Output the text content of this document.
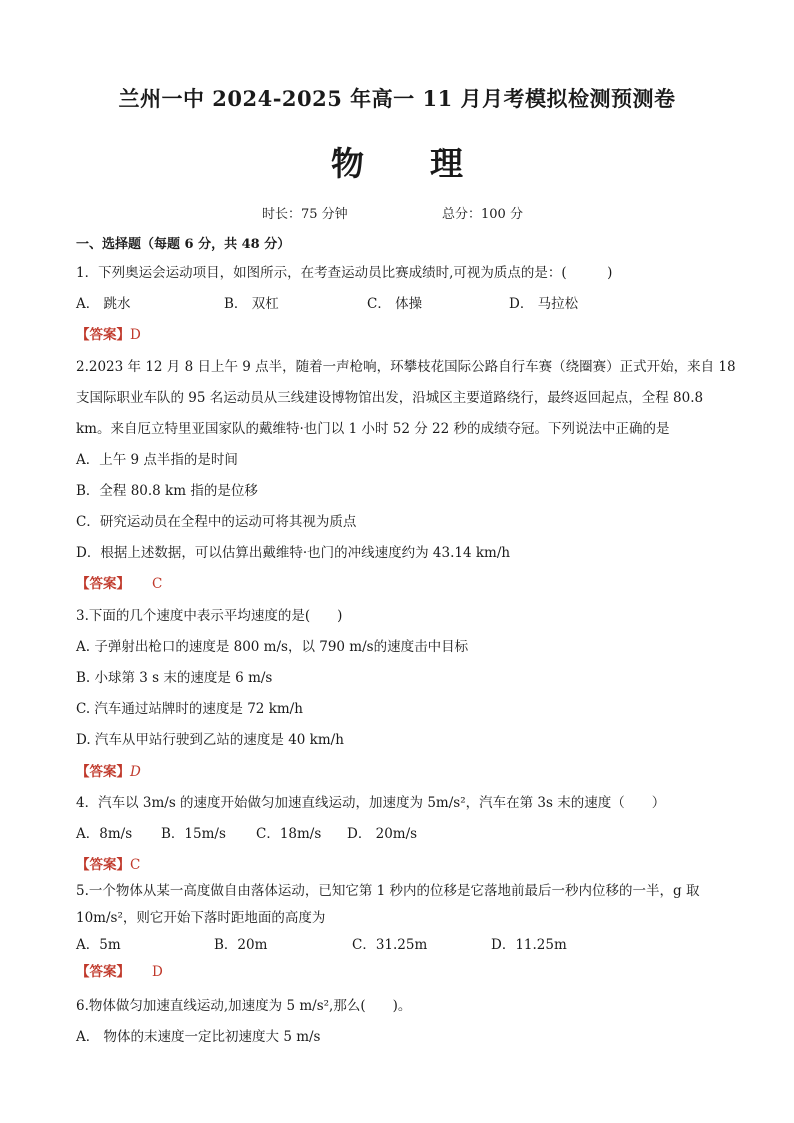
兰州一中 2024-2025 年高一 11 月月考模拟检测预测卷
物　　理
时长：75 分钟	总分：100 分
一、选择题（每题 6 分，共 48 分）
1．下列奥运会运动项目，如图所示，在考查运动员比赛成绩时,可视为质点的是：(　　　)
A． 跳水	B． 双杠	C． 体操	D． 马拉松
【答案】D
2.2023 年 12 月 8 日上午 9 点半，随着一声枪响，环攀枝花国际公路自行车赛（绕圈赛）正式开始，来自 18
支国际职业车队的 95 名运动员从三线建设博物馆出发，沿城区主要道路绕行，最终返回起点，全程 80.8
km。来自厄立特里亚国家队的戴维特·也门以 1 小时 52 分 22 秒的成绩夺冠。下列说法中正确的是
A．上午 9 点半指的是时间
B．全程 80.8 km 指的是位移
C．研究运动员在全程中的运动可将其视为质点
D．根据上述数据，可以估算出戴维特·也门的冲线速度约为 43.14 km/h
【答案】 C
3.下面的几个速度中表示平均速度的是(　　)
A. 子弹射出枪口的速度是 800 m/s，以 790 m/s的速度击中目标
B. 小球第 3 s 末的速度是 6 m/s
C. 汽车通过站牌时的速度是 72 km/h
D. 汽车从甲站行驶到乙站的速度是 40 km/h
【答案】D
4．汽车以 3m/s 的速度开始做匀加速直线运动，加速度为 5m/s²，汽车在第 3s 末的速度（　　）
A．8m/s B．15m/s C．18m/s D． 20m/s
【答案】C
5.一个物体从某一高度做自由落体运动，已知它第 1 秒内的位移是它落地前最后一秒内位移的一半，g 取
10m/s²，则它开始下落时距地面的高度为
A．5m	B．20m	C．31.25m	D．11.25m
【答案】 D
6.物体做匀加速直线运动,加速度为 5 m/s²,那么(　　)。
A． 物体的末速度一定比初速度大 5 m/s
